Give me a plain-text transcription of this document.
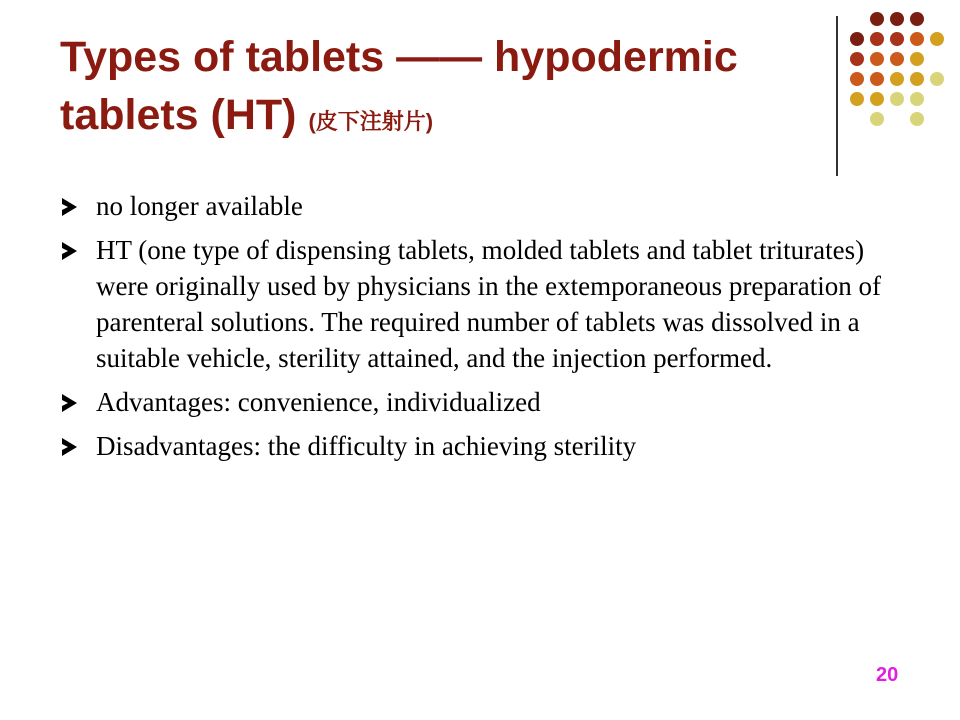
Types of tablets —— hypodermic
tablets (HT) (皮下注射片)
no longer available
HT (one type of dispensing tablets, molded tablets and tablet triturates) were originally used by physicians in the extemporaneous preparation of parenteral solutions. The required number of tablets was dissolved in a suitable vehicle, sterility attained, and the injection performed.
Advantages: convenience, individualized
Disadvantages: the difficulty in achieving sterility
20
